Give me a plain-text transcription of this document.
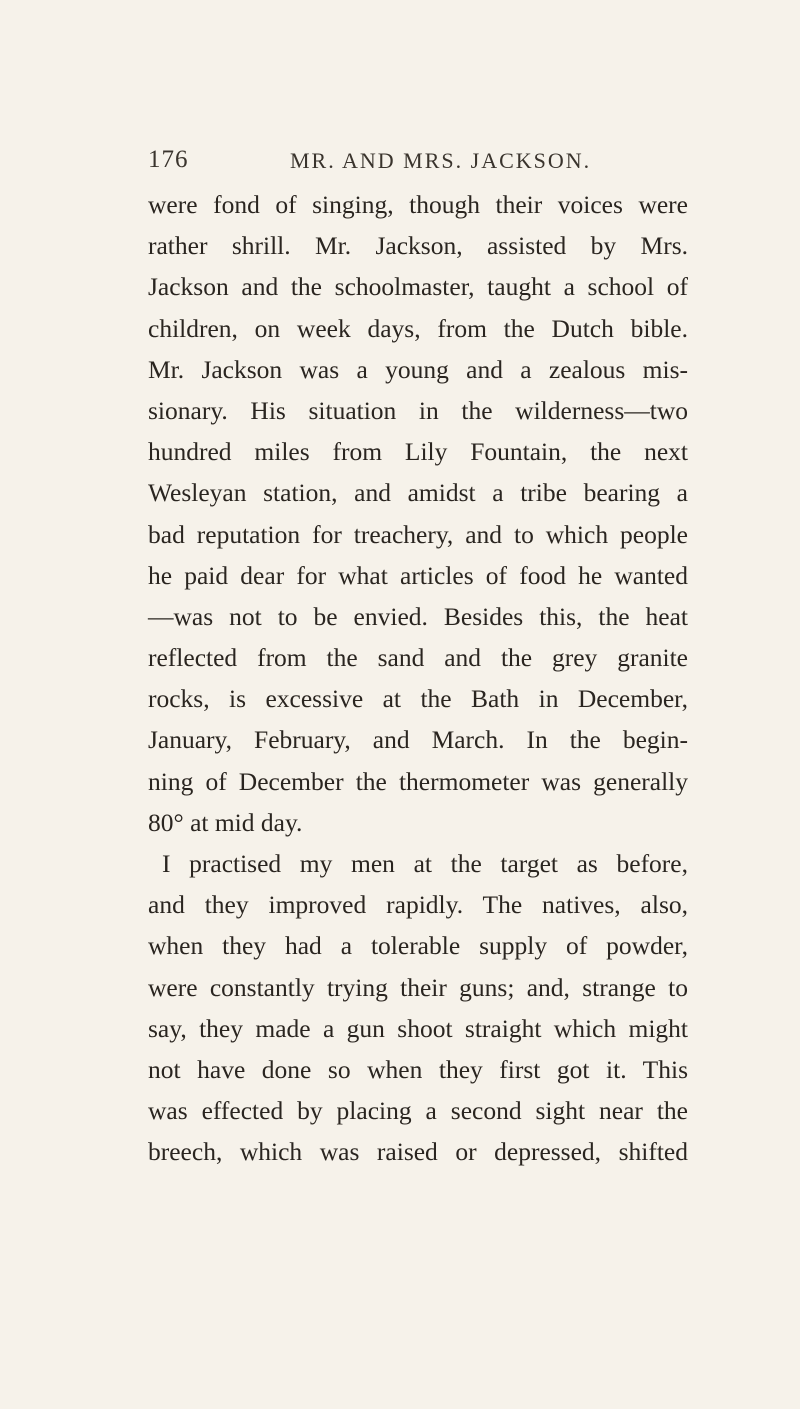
176	MR. AND MRS. JACKSON.
were fond of singing, though their voices were
rather shrill. Mr. Jackson, assisted by Mrs.
Jackson and the schoolmaster, taught a school of
children, on week days, from the Dutch bible.
Mr. Jackson was a young and a zealous mis-
sionary. His situation in the wilderness—two
hundred miles from Lily Fountain, the next
Wesleyan station, and amidst a tribe bearing a
bad reputation for treachery, and to which people
he paid dear for what articles of food he wanted
—was not to be envied. Besides this, the heat
reflected from the sand and the grey granite
rocks, is excessive at the Bath in December,
January, February, and March. In the begin-
ning of December the thermometer was generally
80° at mid day.
I practised my men at the target as before,
and they improved rapidly. The natives, also,
when they had a tolerable supply of powder,
were constantly trying their guns; and, strange to
say, they made a gun shoot straight which might
not have done so when they first got it. This
was effected by placing a second sight near the
breech, which was raised or depressed, shifted
